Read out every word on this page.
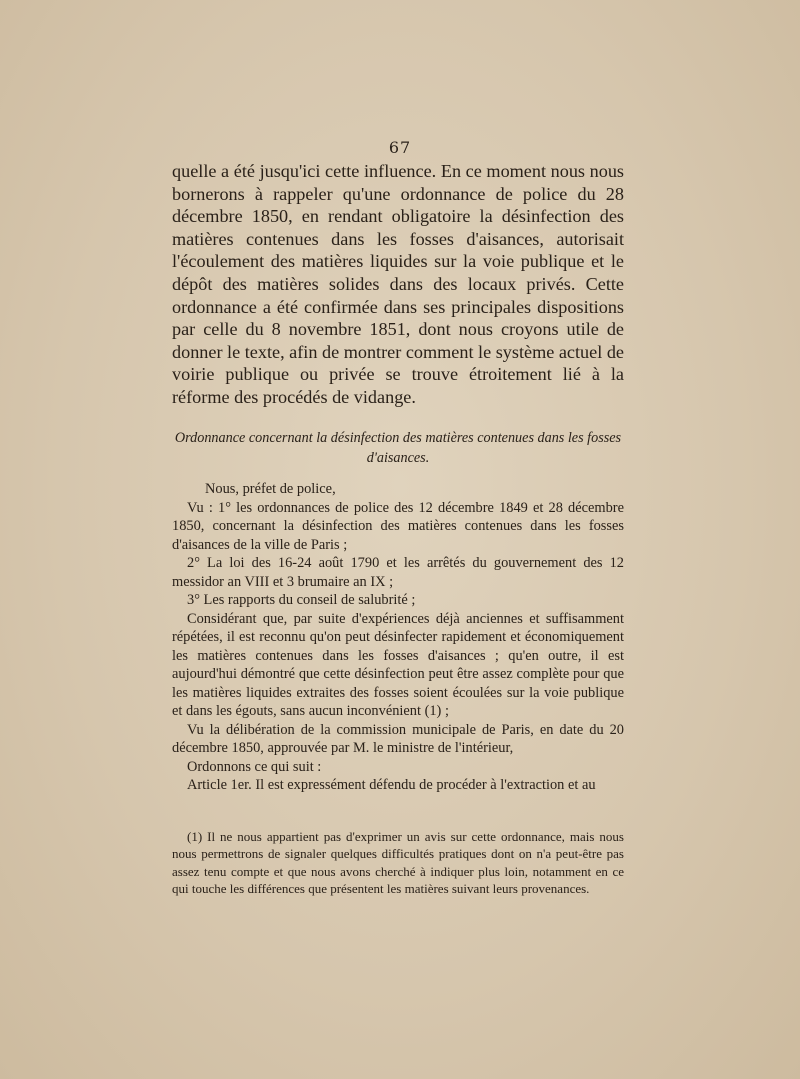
67

quelle a été jusqu'ici cette influence. En ce moment nous nous bornerons à rappeler qu'une ordonnance de police du 28 décembre 1850, en rendant obligatoire la désinfection des matières contenues dans les fosses d'aisances, autorisait l'écoulement des matières liquides sur la voie publique et le dépôt des matières solides dans des locaux privés. Cette ordonnance a été confirmée dans ses principales dispositions par celle du 8 novembre 1851, dont nous croyons utile de donner le texte, afin de montrer comment le système actuel de voirie publique ou privée se trouve étroitement lié à la réforme des procédés de vidange.

Ordonnance concernant la désinfection des matières contenues dans les fosses d'aisances.

Nous, préfet de police,

Vu : 1° les ordonnances de police des 12 décembre 1849 et 28 décembre 1850, concernant la désinfection des matières contenues dans les fosses d'aisances de la ville de Paris ;

2° La loi des 16-24 août 1790 et les arrêtés du gouvernement des 12 messidor an VIII et 3 brumaire an IX ;

3° Les rapports du conseil de salubrité ;

Considérant que, par suite d'expériences déjà anciennes et suffisamment répétées, il est reconnu qu'on peut désinfecter rapidement et économiquement les matières contenues dans les fosses d'aisances ; qu'en outre, il est aujourd'hui démontré que cette désinfection peut être assez complète pour que les matières liquides extraites des fosses soient écoulées sur la voie publique et dans les égouts, sans aucun inconvénient (1) ;

Vu la délibération de la commission municipale de Paris, en date du 20 décembre 1850, approuvée par M. le ministre de l'intérieur,

Ordonnons ce qui suit :

Article 1er. Il est expressément défendu de procéder à l'extraction et au

(1) Il ne nous appartient pas d'exprimer un avis sur cette ordonnance, mais nous nous permettrons de signaler quelques difficultés pratiques dont on n'a peut-être pas assez tenu compte et que nous avons cherché à indiquer plus loin, notamment en ce qui touche les différences que présentent les matières suivant leurs provenances.
